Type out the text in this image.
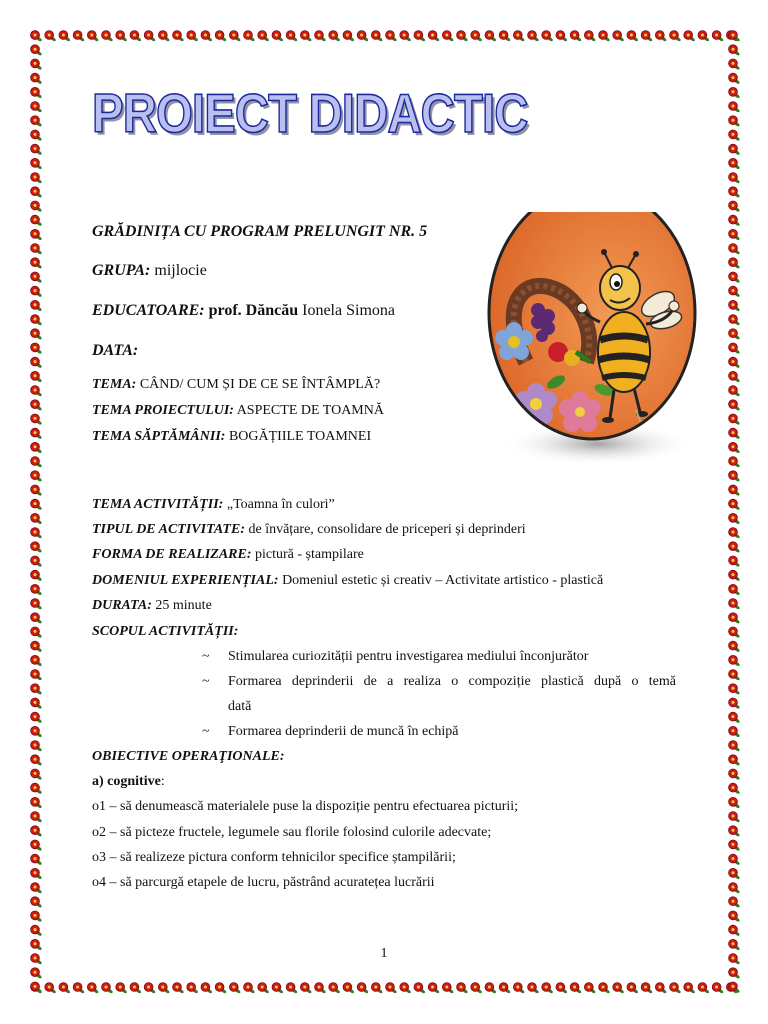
PROIECT DIDACTIC
GRĂDINIȚA CU PROGRAM PRELUNGIT NR. 5
GRUPA: mijlocie
EDUCATOARE: prof. Dăncău Ionela Simona
DATA:
TEMA: CÂND/ CUM ȘI DE CE SE ÎNTÂMPLĂ?
TEMA PROIECTULUI: ASPECTE DE TOAMNĂ
TEMA SĂPTĂMÂNII: BOGĂȚIILE TOAMNEI
TEMA ACTIVITĂȚII: „Toamna în culori”
TIPUL DE ACTIVITATE: de învățare, consolidare de priceperi și deprinderi
FORMA DE REALIZARE: pictură - ștampilare
DOMENIUL EXPERIENȚIAL: Domeniul estetic și creativ – Activitate artistico - plastică
DURATA: 25 minute
SCOPUL ACTIVITĂȚII:
~ Stimularea curiozității pentru investigarea mediului înconjurător
~ Formarea deprinderii de a realiza o compoziție plastică după o temă
dată
~ Formarea deprinderii de muncă în echipă
OBIECTIVE OPERAŢIONALE:
a) cognitive:
o1 – să denumească materialele puse la dispoziție pentru efectuarea picturii;
o2 – să picteze fructele, legumele sau florile folosind culorile adecvate;
o3 – să realizeze pictura conform tehnicilor specifice ștampilării;
o4 – să parcurgă etapele de lucru, păstrând acuratețea lucrării
1
